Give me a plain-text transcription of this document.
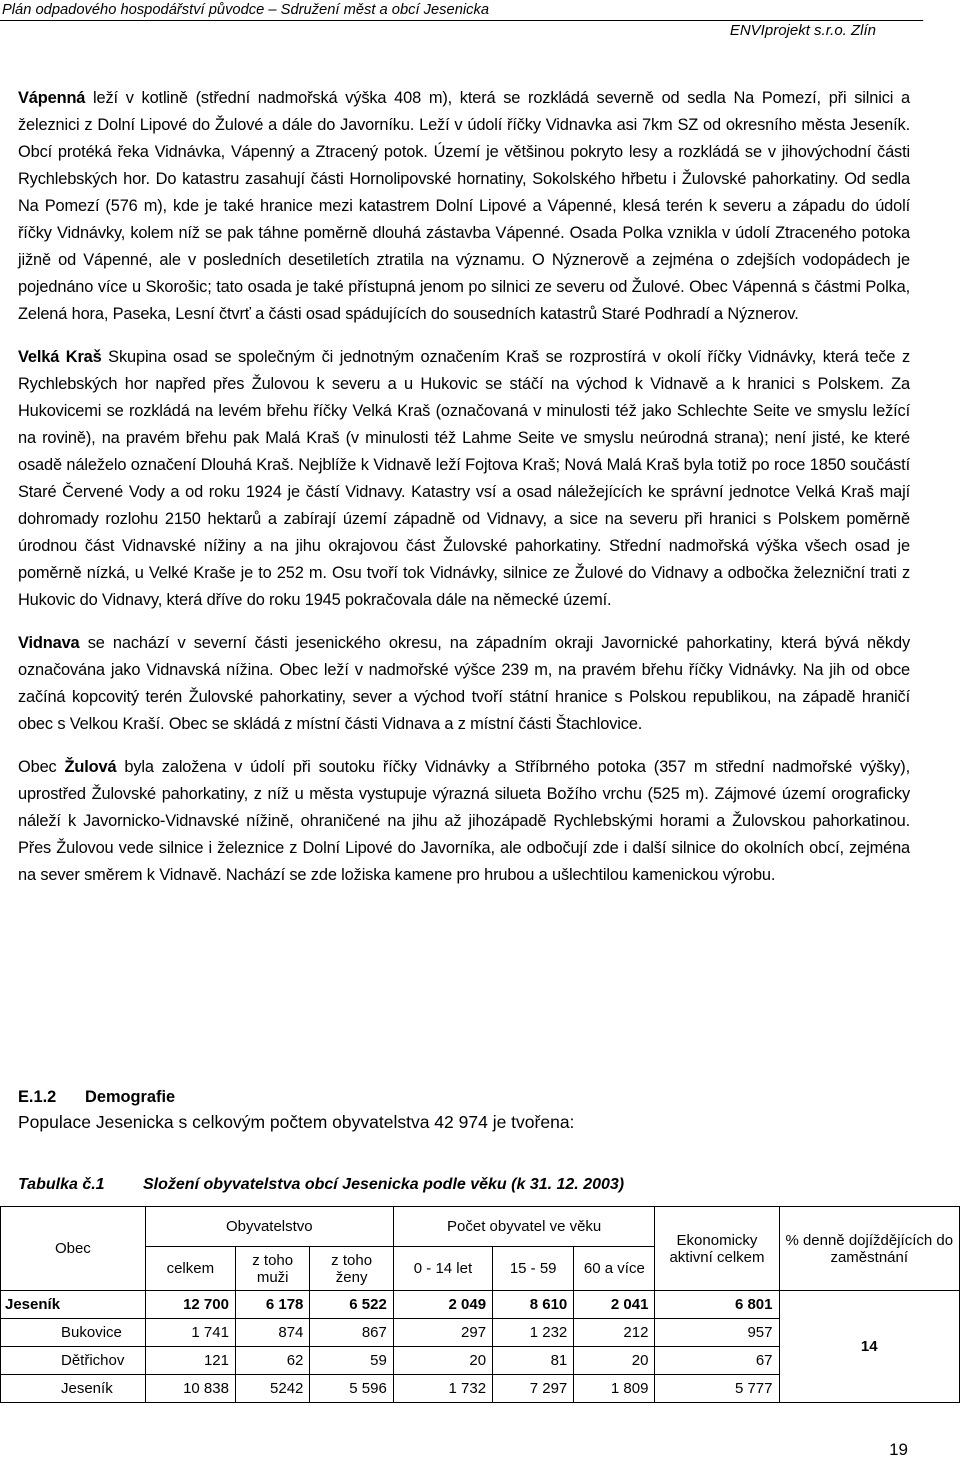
Plán odpadového hospodářství původce – Sdružení měst a obcí Jesenicka
ENVIprojekt s.r.o. Zlín

Vápenná leží v kotlině (střední nadmořská výška 408 m), která se rozkládá severně od sedla Na Pomezí, při silnici a železnici z Dolní Lipové do Žulové a dále do Javorníku. Leží v údolí říčky Vidnavka asi 7km SZ od okresního města Jeseník. Obcí protéká řeka Vidnávka, Vápenný a Ztracený potok. Území je většinou pokryto lesy a rozkládá se v jihovýchodní části Rychlebských hor. Do katastru zasahují části Hornolipovské hornatiny, Sokolského hřbetu i Žulovské pahorkatiny. Od sedla Na Pomezí (576 m), kde je také hranice mezi katastrem Dolní Lipové a Vápenné, klesá terén k severu a západu do údolí říčky Vidnávky, kolem níž se pak táhne poměrně dlouhá zástavba Vápenné. Osada Polka vznikla v údolí Ztraceného potoka jižně od Vápenné, ale v posledních desetiletích ztratila na významu. O Nýznerově a zejména o zdejších vodopádech je pojednáno více u Skorošic; tato osada je také přístupná jenom po silnici ze severu od Žulové. Obec Vápenná s částmi Polka, Zelená hora, Paseka, Lesní čtvrť a části osad spádujících do sousedních katastrů Staré Podhradí a Nýznerov.

Velká Kraš Skupina osad se společným či jednotným označením Kraš se rozprostírá v okolí říčky Vidnávky, která teče z Rychlebských hor napřed přes Žulovou k severu a u Hukovic se stáčí na východ k Vidnavě a k hranici s Polskem. Za Hukovicemi se rozkládá na levém břehu říčky Velká Kraš (označovaná v minulosti též jako Schlechte Seite ve smyslu ležící na rovině), na pravém břehu pak Malá Kraš (v minulosti též Lahme Seite ve smyslu neúrodná strana); není jisté, ke které osadě náleželo označení Dlouhá Kraš. Nejblíže k Vidnavě leží Fojtova Kraš; Nová Malá Kraš byla totiž po roce 1850 součástí Staré Červené Vody a od roku 1924 je částí Vidnavy. Katastry vsí a osad náležejících ke správní jednotce Velká Kraš mají dohromady rozlohu 2150 hektarů a zabírají území západně od Vidnavy, a sice na severu při hranici s Polskem poměrně úrodnou část Vidnavské nížiny a na jihu okrajovou část Žulovské pahorkatiny. Střední nadmořská výška všech osad je poměrně nízká, u Velké Kraše je to 252 m. Osu tvoří tok Vidnávky, silnice ze Žulové do Vidnavy a odbočka železniční trati z Hukovic do Vidnavy, která dříve do roku 1945 pokračovala dále na německé území.

Vidnava se nachází v severní části jesenického okresu, na západním okraji Javornické pahorkatiny, která bývá někdy označována jako Vidnavská nížina. Obec leží v nadmořské výšce 239 m, na pravém břehu říčky Vidnávky. Na jih od obce začíná kopcovitý terén Žulovské pahorkatiny, sever a východ tvoří státní hranice s Polskou republikou, na západě hraničí obec s Velkou Kraší. Obec se skládá z místní části Vidnava a z místní části Štachlovice.

Obec Žulová byla založena v údolí při soutoku říčky Vidnávky a Stříbrného potoka (357 m střední nadmořské výšky), uprostřed Žulovské pahorkatiny, z níž u města vystupuje výrazná silueta Božího vrchu (525 m). Zájmové území orograficky náleží k Javornicko-Vidnavské nížině, ohraničené na jihu až jihozápadě Rychlebskými horami a Žulovskou pahorkatinou. Přes Žulovou vede silnice i železnice z Dolní Lipové do Javorníka, ale odbočují zde i další silnice do okolních obcí, zejména na sever směrem k Vidnavě. Nachází se zde ložiska kamene pro hrubou a ušlechtilou kamenickou výrobu.

E.1.2 Demografie
Populace Jesenicka s celkovým počtem obyvatelstva 42 974 je tvořena:
Tabulka č.1 Složení obyvatelstva obcí Jesenicka podle věku (k 31. 12. 2003)
Obec	Obyvatelstvo			Počet obyvatel ve věku			Ekonomicky aktivní celkem	% denně dojíždějících do zaměstnání
	celkem	z toho muži	z toho ženy	0 - 14 let	15 - 59	60 a více		
Jeseník	12 700	6 178	6 522	2 049	8 610	2 041	6 801	14
Bukovice	1 741	874	867	297	1 232	212	957	
Dětřichov	121	62	59	20	81	20	67	
Jeseník	10 838	5242	5 596	1 732	7 297	1 809	5 777	
19
